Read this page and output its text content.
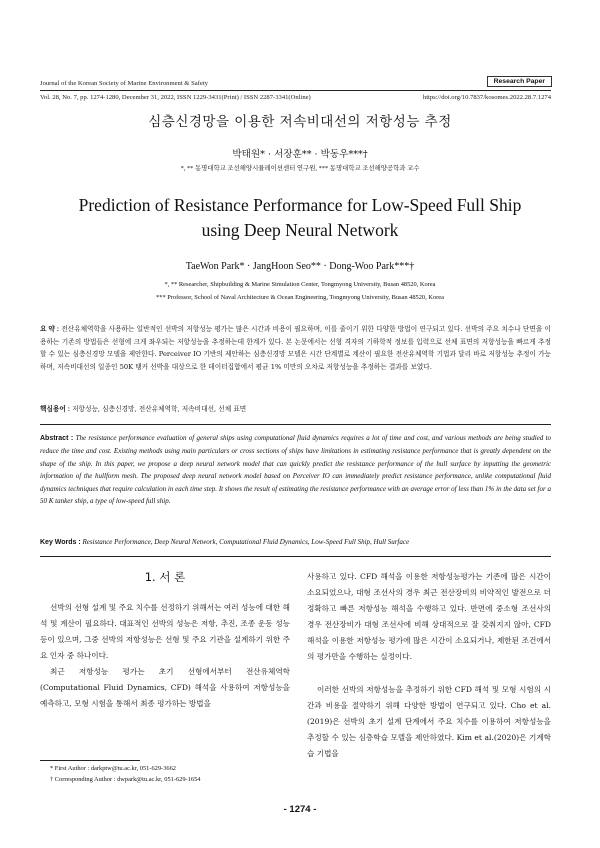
Journal of the Korean Society of Marine Environment & Safety	Research Paper
Vol. 28, No. 7, pp. 1274-1280, December 31, 2022, ISSN 1229-3431(Print) / ISSN 2287-3341(Online)	https://doi.org/10.7837/kosomes.2022.28.7.1274
심층신경망을 이용한 저속비대선의 저항성능 추정
박태원* · 서장훈** · 박동우***†
*, ** 동명대학교 조선해양시뮬레이션센터 연구원, *** 동명대학교 조선해양공학과 교수
Prediction of Resistance Performance for Low-Speed Full Ship using Deep Neural Network
TaeWon Park* · JangHoon Seo** · Dong-Woo Park***†
*, ** Researcher, Shipbuilding & Marine Simulation Center, Tongmyong University, Busan 48520, Korea
*** Professor, School of Naval Architecture & Ocean Engineering, Tongmyong University, Busan 48520, Korea
요 약 : 전산유체역학을 사용하는 일반적인 선박의 저항성능 평가는 많은 시간과 비용이 필요하며, 이를 줄이기 위한 다양한 방법이 연구되고 있다. 선박의 주요 치수나 단면을 이용하는 기존의 방법들은 선형에 크게 좌우되는 저항성능을 추정하는데 한계가 있다. 본 논문에서는 선형 격자의 기하학적 정보를 입력으로 선체 표면의 저항성능을 빠르게 추정할 수 있는 심층신경망 모델을 제안한다. Perceiver IO 기반의 제안하는 심층신경망 모델은 시간 단계별로 계산이 필요한 전산유체역학 기법과 달리 바로 저항성능 추정이 가능하며, 저속비대선의 일종인 50K 탱커 선박을 대상으로 한 데이터집합에서 평균 1% 미만의 오차로 저항성능을 추정하는 결과를 보였다.
핵심용어 : 저항성능, 심층신경망, 전산유체역학, 저속비대선, 선체 표면
Abstract : The resistance performance evaluation of general ships using computational fluid dynamics requires a lot of time and cost, and various methods are being studied to reduce the time and cost. Existing methods using main particulars or cross sections of ships have limitations in estimating resistance performance that is greatly dependent on the shape of the ship. In this paper, we propose a deep neural network model that can quickly predict the resistance performance of the hull surface by inputting the geometric information of the hullform mesh. The proposed deep neural network model based on Perceiver IO can immediately predict resistance performance, unlike computational fluid dynamics techniques that require calculation in each time step. It shows the result of estimating the resistance performance with an average error of less than 1% in the data set for a 50 K tanker ship, a type of low-speed full ship.
Key Words : Resistance Performance, Deep Neural Network, Computational Fluid Dynamics, Low-Speed Full Ship, Hull Surface
1. 서 론
선박의 선형 설계 및 주요 치수를 선정하기 위해서는 여러 성능에 대한 해석 및 계산이 필요하다. 대표적인 선박의 성능은 저항, 추진, 조종 운동 성능 등이 있으며, 그중 선박의 저항성능은 선형 및 주요 기관을 설계하기 위한 주요 인자 중 하나이다.
최근 저항성능 평가는 초기 선형에서부터 전산유체역학(Computational Fluid Dynamics, CFD) 해석을 사용하여 저항성능을 예측하고, 모형 시험을 통해서 최종 평가하는 방법을
* First Author : darkptw@tu.ac.kr, 051-629-3662
† Corresponding Author : dwpark@tu.ac.kr, 051-629-1654
사용하고 있다. CFD 해석을 이용한 저항성능평가는 기존에 많은 시간이 소요되었으나, 대형 조선사의 경우 최근 전산장비의 비약적인 발전으로 더 정확하고 빠른 저항성능 해석을 수행하고 있다. 반면에 중소형 조선사의 경우 전산장비가 대형 조선사에 비해 상대적으로 잘 갖춰지지 않아, CFD 해석을 이용한 저항성능 평가에 많은 시간이 소요되거나, 제한된 조건에서의 평가만을 수행하는 실정이다.
이러한 선박의 저항성능을 추정하기 위한 CFD 해석 및 모형 시험의 시간과 비용을 절약하기 위해 다양한 방법이 연구되고 있다. Cho et al.(2019)은 선박의 초기 설계 단계에서 주요 치수를 이용하여 저항성능을 추정할 수 있는 심층학습 모델을 제안하였다. Kim et al.(2020)은 기계학습 기법을
- 1274 -
